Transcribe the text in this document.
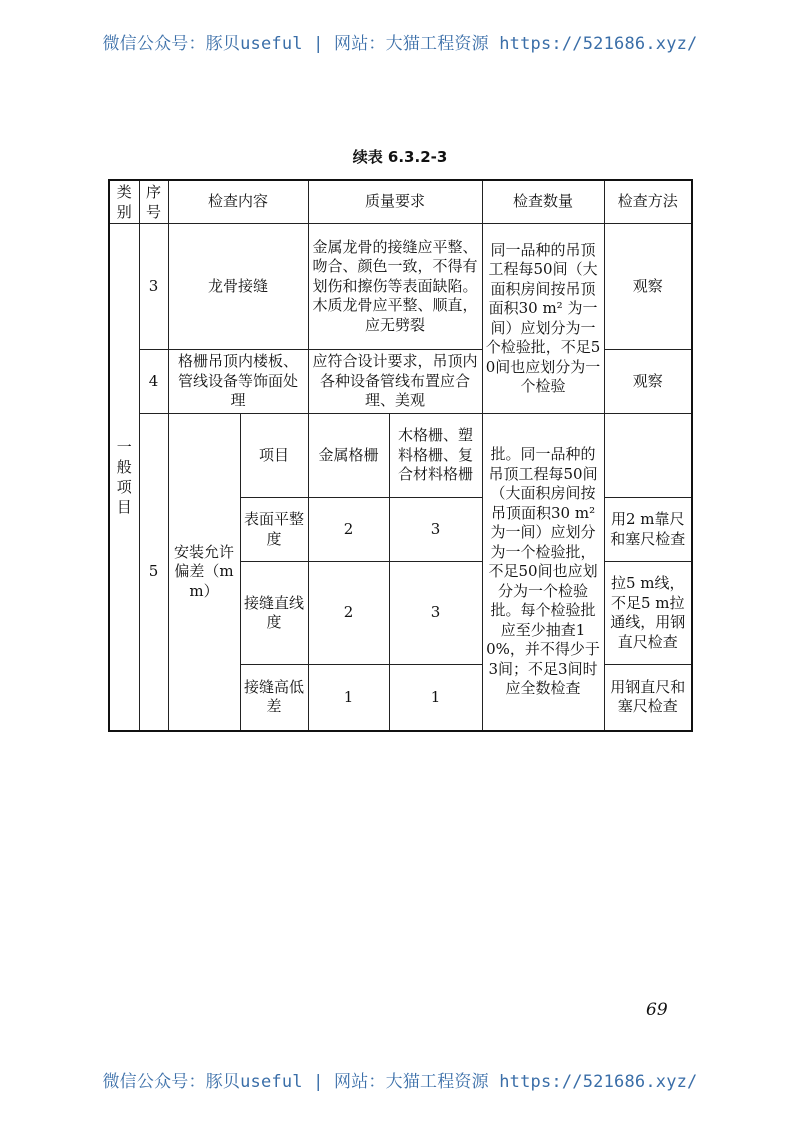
微信公众号：豚贝useful | 网站：大猫工程资源 https://521686.xyz/
续表 6.3.2-3
类别	序号	检查内容		质量要求		检查数量	检查方法
一般项目	3	龙骨接缝		金属龙骨的接缝应平整、吻合、颜色一致，不得有划伤和擦伤等表面缺陷。木质龙骨应平整、顺直，应无劈裂		同一品种的吊顶工程每50间（大面积房间按吊顶面积30 m² 为一间）应划分为一个检验批，不足50间也应划分为一个检验	观察
	4	格栅吊顶内楼板、管线设备等饰面处理		应符合设计要求，吊顶内各种设备管线布置应合理、美观			观察
	5	安装允许偏差（mm）	项目	金属格栅	木格栅、塑料格栅、复合材料格栅	批。同一品种的吊顶工程每50间（大面积房间按吊顶面积30 m² 为一间）应划分为一个检验批，不足50间也应划分为一个检验批。每个检验批应至少抽查10%，并不得少于3间；不足3间时应全数检查	
			表面平整度	2	3		用2 m靠尺和塞尺检查
			接缝直线度	2	3		拉5 m线，不足5 m拉通线，用钢直尺检查
			接缝高低差	1	1		用钢直尺和塞尺检查
69
微信公众号：豚贝useful | 网站：大猫工程资源 https://521686.xyz/
